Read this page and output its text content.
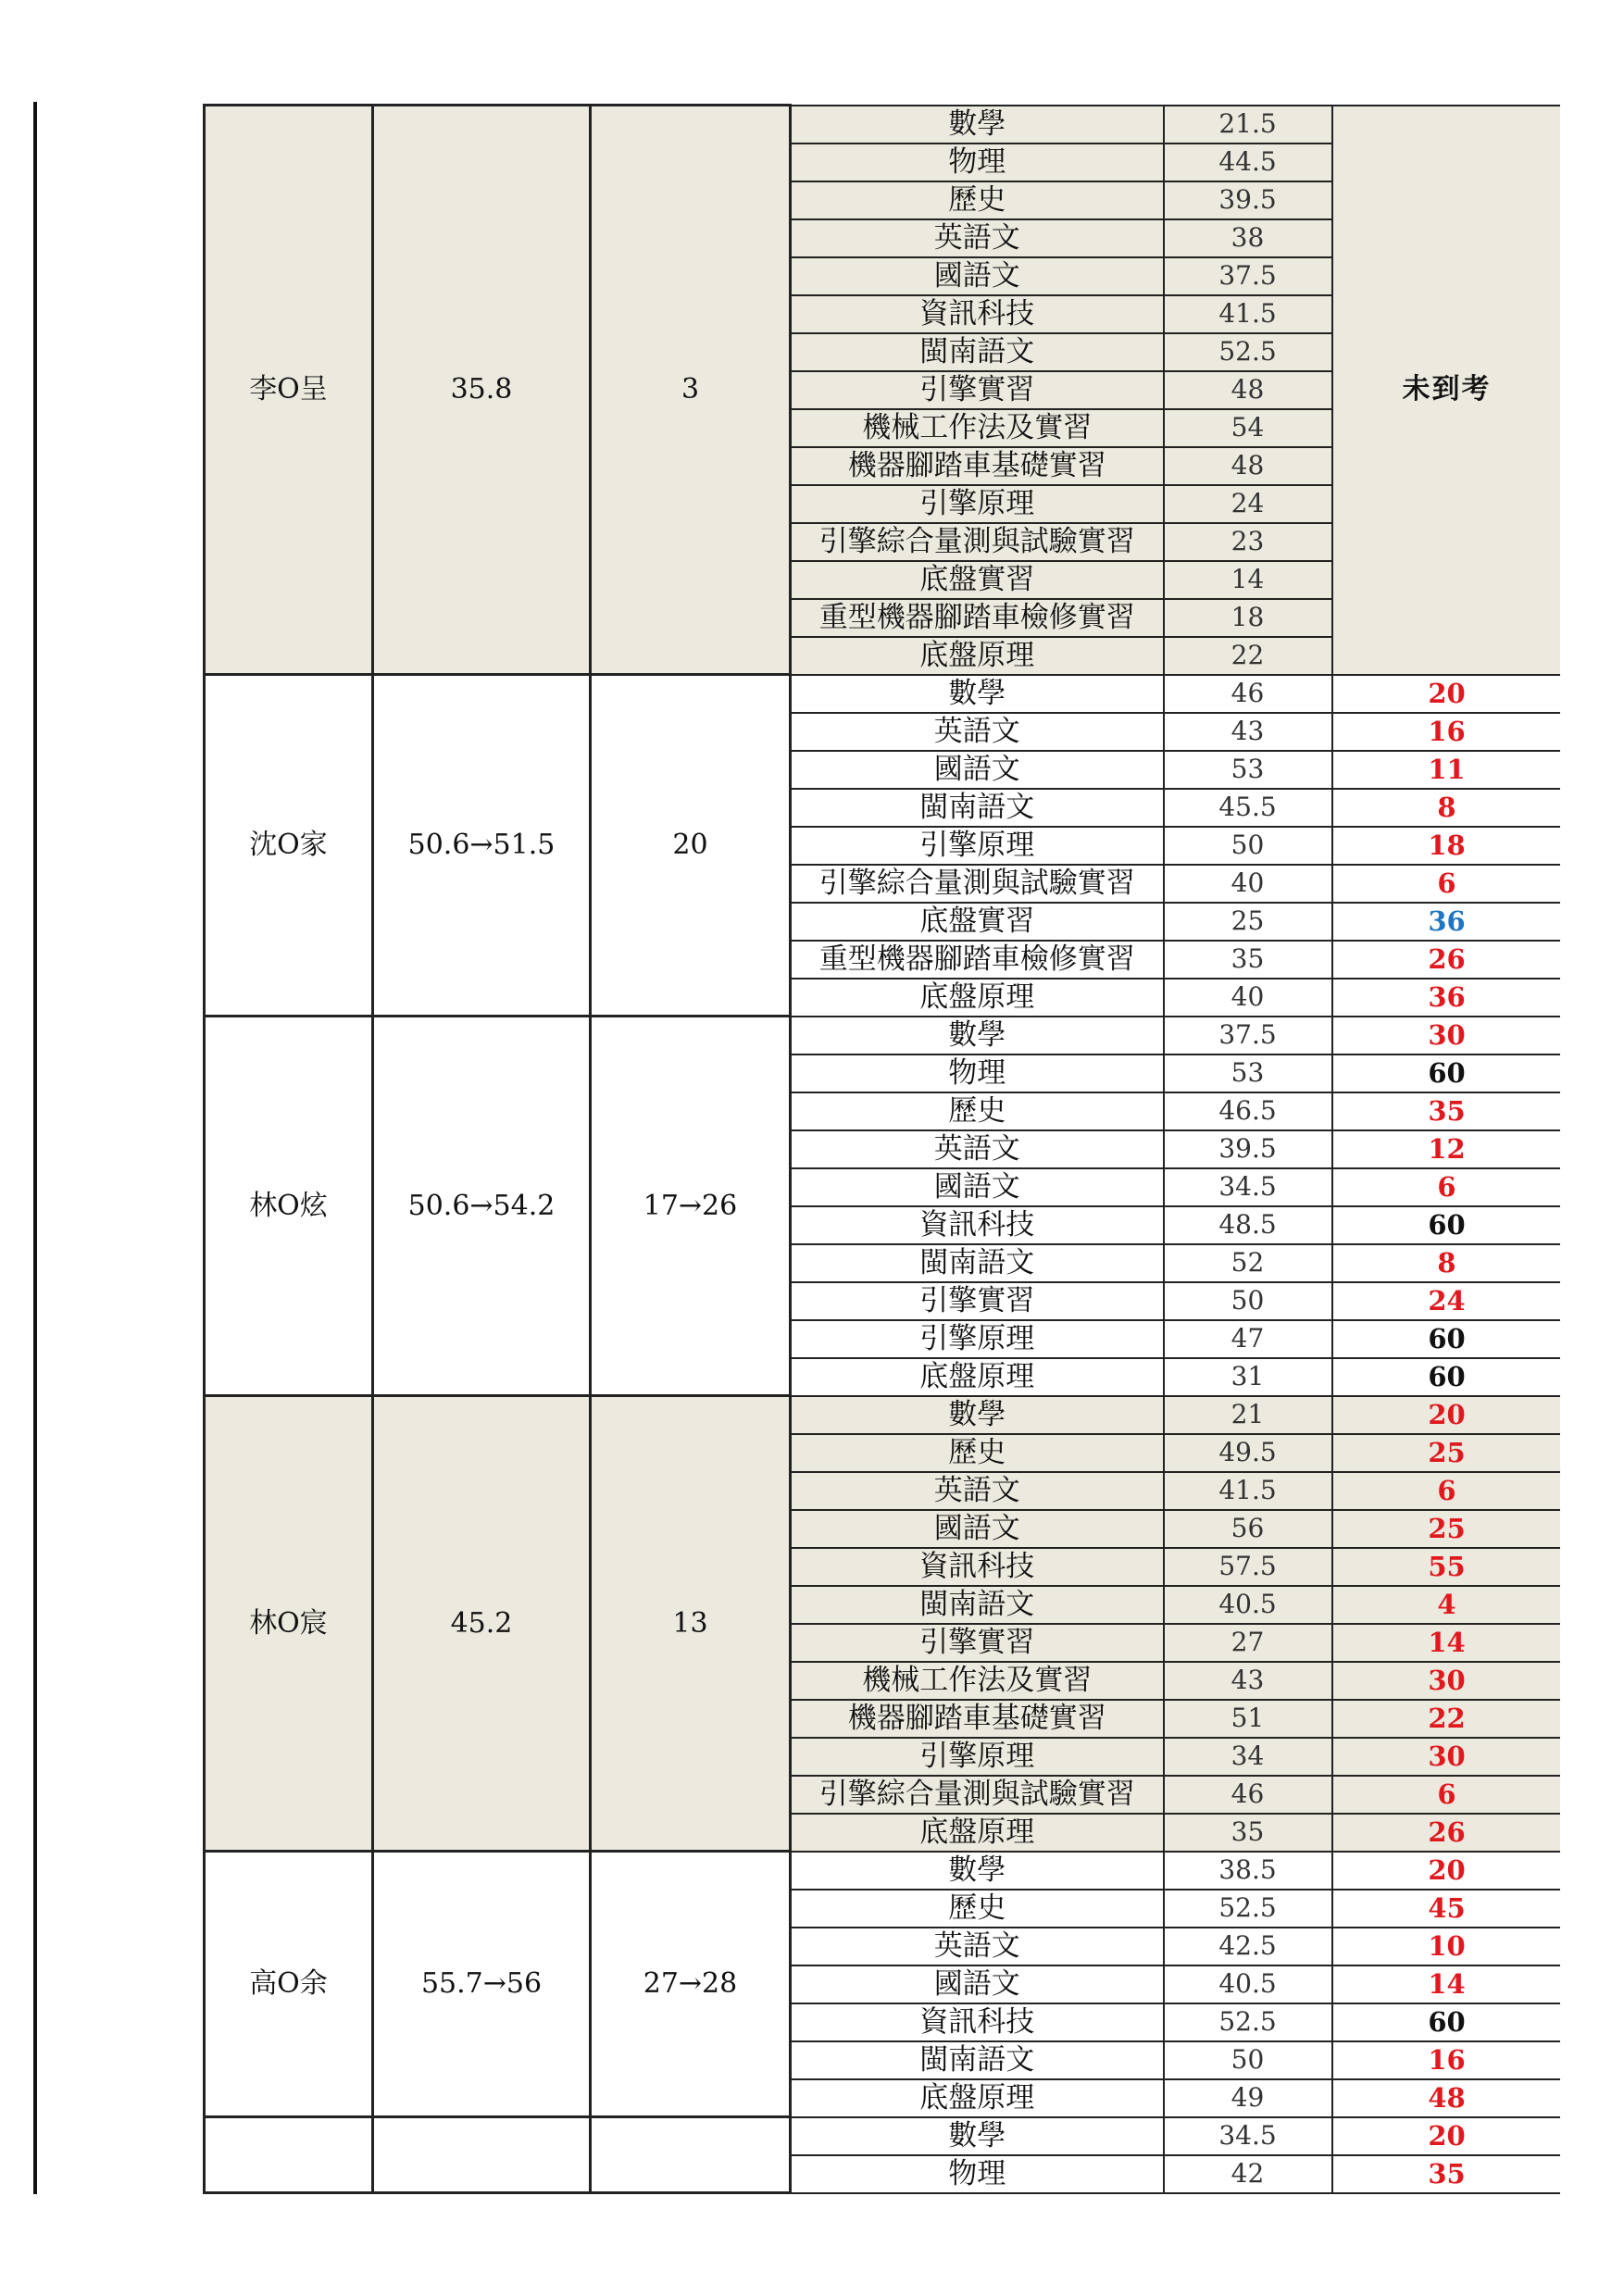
李O呈	35.8	3	數學	21.5	未到考
			物理	44.5	
			歷史	39.5	
			英語文	38	
			國語文	37.5	
			資訊科技	41.5	
			閩南語文	52.5	
			引擎實習	48	
			機械工作法及實習	54	
			機器腳踏車基礎實習	48	
			引擎原理	24	
			引擎綜合量測與試驗實習	23	
			底盤實習	14	
			重型機器腳踏車檢修實習	18	
			底盤原理	22	
沈O家	50.6→51.5	20	數學	46	20
			英語文	43	16
			國語文	53	11
			閩南語文	45.5	8
			引擎原理	50	18
			引擎綜合量測與試驗實習	40	6
			底盤實習	25	36
			重型機器腳踏車檢修實習	35	26
			底盤原理	40	36
林O炫	50.6→54.2	17→26	數學	37.5	30
			物理	53	60
			歷史	46.5	35
			英語文	39.5	12
			國語文	34.5	6
			資訊科技	48.5	60
			閩南語文	52	8
			引擎實習	50	24
			引擎原理	47	60
			底盤原理	31	60
林O宸	45.2	13	數學	21	20
			歷史	49.5	25
			英語文	41.5	6
			國語文	56	25
			資訊科技	57.5	55
			閩南語文	40.5	4
			引擎實習	27	14
			機械工作法及實習	43	30
			機器腳踏車基礎實習	51	22
			引擎原理	34	30
			引擎綜合量測與試驗實習	46	6
			底盤原理	35	26
高O余	55.7→56	27→28	數學	38.5	20
			歷史	52.5	45
			英語文	42.5	10
			國語文	40.5	14
			資訊科技	52.5	60
			閩南語文	50	16
			底盤原理	49	48
			數學	34.5	20
			物理	42	35
